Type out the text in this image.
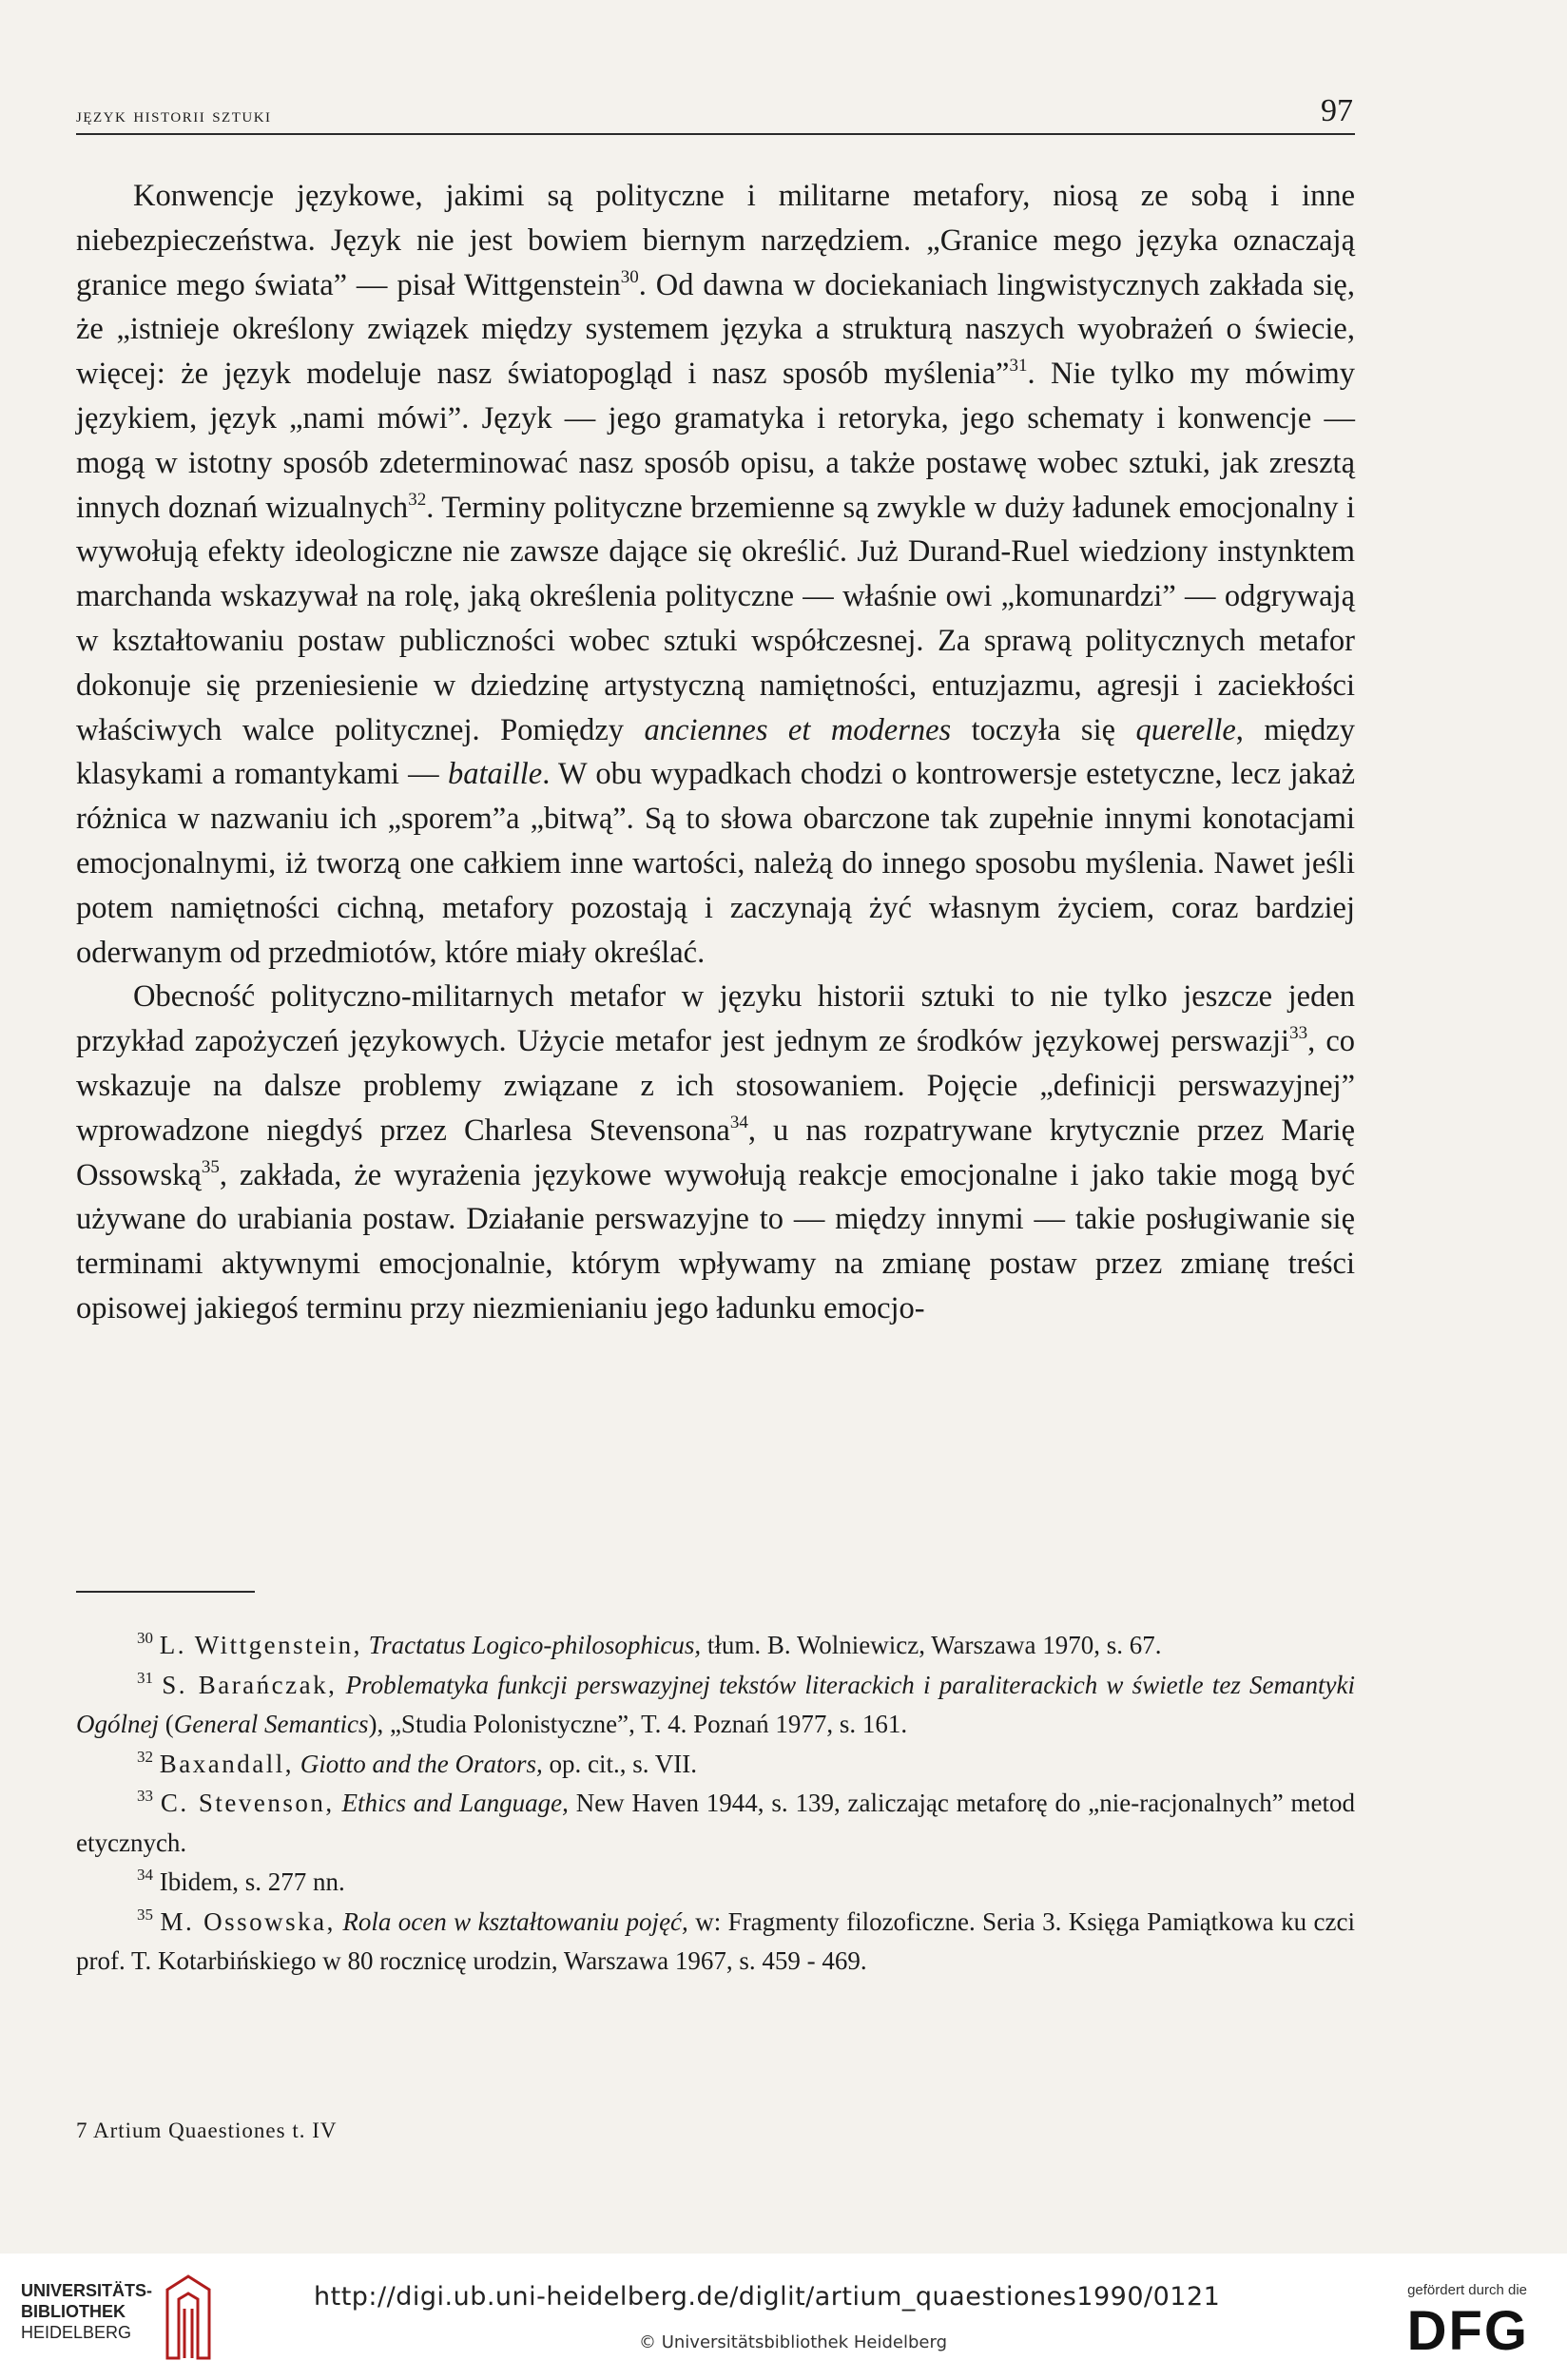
język historii sztuki	97

Konwencje językowe, jakimi są polityczne i militarne metafory, niosą ze sobą i inne niebezpieczeństwa. Język nie jest bowiem biernym narzędziem. „Granice mego języka oznaczają granice mego świata” — pisał Wittgenstein$^{30}$. Od dawna w dociekaniach lingwistycznych zakłada się, że „istnieje określony związek między systemem języka a strukturą naszych wyobrażeń o świecie, więcej: że język modeluje nasz światopogląd i nasz sposób myślenia”$^{31}$. Nie tylko my mówimy językiem, język „nami mówi”. Język — jego gramatyka i retoryka, jego schematy i konwencje — mogą w istotny sposób zdeterminować nasz sposób opisu, a także postawę wobec sztuki, jak zresztą innych doznań wizualnych$^{32}$. Terminy polityczne brzemienne są zwykle w duży ładunek emocjonalny i wywołują efekty ideologiczne nie zawsze dające się określić. Już Durand-Ruel wiedziony instynktem marchanda wskazywał na rolę, jaką określenia polityczne — właśnie owi „komunardzi” — odgrywają w kształtowaniu postaw publiczności wobec sztuki współczesnej. Za sprawą politycznych metafor dokonuje się przeniesienie w dziedzinę artystyczną namiętności, entuzjazmu, agresji i zaciekłości właściwych walce politycznej. Pomiędzy anciennes et modernes toczyła się querelle, między klasykami a romantykami — bataille. W obu wypadkach chodzi o kontrowersje estetyczne, lecz jakaż różnica w nazwaniu ich „sporem”a „bitwą”. Są to słowa obarczone tak zupełnie innymi konotacjami emocjonalnymi, iż tworzą one całkiem inne wartości, należą do innego sposobu myślenia. Nawet jeśli potem namiętności cichną, metafory pozostają i zaczynają żyć własnym życiem, coraz bardziej oderwanym od przedmiotów, które miały określać.

Obecność polityczno-militarnych metafor w języku historii sztuki to nie tylko jeszcze jeden przykład zapożyczeń językowych. Użycie metafor jest jednym ze środków językowej perswazji$^{33}$, co wskazuje na dalsze problemy związane z ich stosowaniem. Pojęcie „definicji perswazyjnej” wprowadzone niegdyś przez Charlesa Stevensona$^{34}$, u nas rozpatrywane krytycznie przez Marię Ossowską$^{35}$, zakłada, że wyrażenia językowe wywołują reakcje emocjonalne i jako takie mogą być używane do urabiania postaw. Działanie perswazyjne to — między innymi — takie posługiwanie się terminami aktywnymi emocjonalnie, którym wpływamy na zmianę postaw przez zmianę treści opisowej jakiegoś terminu przy niezmienianiu jego ładunku emocjo-

$^{30}$ L. Wittgenstein, Tractatus Logico-philosophicus, tłum. B. Wolniewicz, Warszawa 1970, s. 67.

$^{31}$ S. Barańczak, Problematyka funkcji perswazyjnej tekstów literackich i paraliterackich w świetle tez Semantyki Ogólnej (General Semantics), „Studia Polonistyczne”, T. 4. Poznań 1977, s. 161.

$^{32}$ Baxandall, Giotto and the Orators, op. cit., s. VII.

$^{33}$ C. Stevenson, Ethics and Language, New Haven 1944, s. 139, zaliczając metaforę do „nie-racjonalnych” metod etycznych.

$^{34}$ Ibidem, s. 277 nn.

$^{35}$ M. Ossowska, Rola ocen w kształtowaniu pojęć, w: Fragmenty filozoficzne. Seria 3. Księga Pamiątkowa ku czci prof. T. Kotarbińskiego w 80 rocznicę urodzin, Warszawa 1967, s. 459 - 469.

7 Artium Quaestiones t. IV
UNIVERSITÄTS-
BIBLIOTHEK
HEIDELBERG
http://digi.ub.uni-heidelberg.de/diglit/artium_quaestiones1990/0121
© Universitätsbibliothek Heidelberg
gefördert durch die
DFG
